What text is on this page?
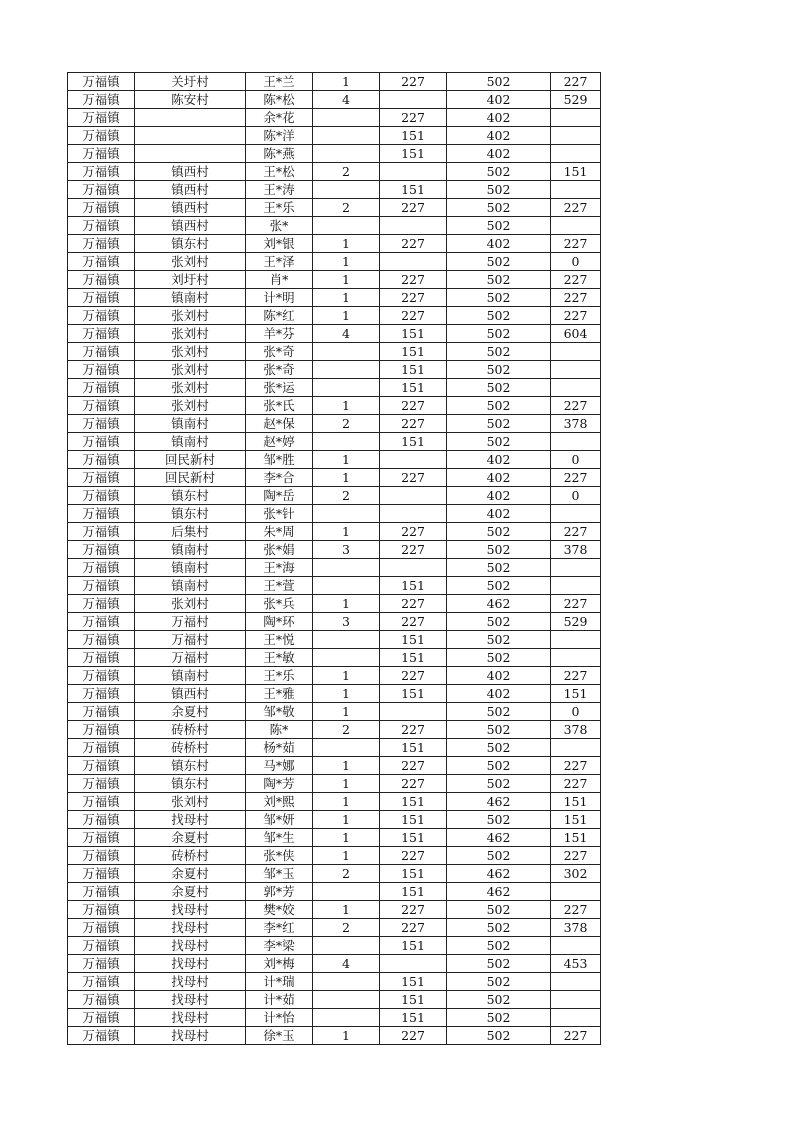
万福镇	关圩村	王*兰	1	227	502	227
万福镇	陈安村	陈*松	4		402	529
万福镇		余*花		227	402	
万福镇		陈*洋		151	402	
万福镇		陈*燕		151	402	
万福镇	镇西村	王*松	2		502	151
万福镇	镇西村	王*涛		151	502	
万福镇	镇西村	王*乐	2	227	502	227
万福镇	镇西村	张*			502	
万福镇	镇东村	刘*银	1	227	402	227
万福镇	张刘村	王*泽	1		502	0
万福镇	刘圩村	肖*	1	227	502	227
万福镇	镇南村	计*明	1	227	502	227
万福镇	张刘村	陈*红	1	227	502	227
万福镇	张刘村	羊*芬	4	151	502	604
万福镇	张刘村	张*奇		151	502	
万福镇	张刘村	张*奇		151	502	
万福镇	张刘村	张*运		151	502	
万福镇	张刘村	张*氏	1	227	502	227
万福镇	镇南村	赵*保	2	227	502	378
万福镇	镇南村	赵*婷		151	502	
万福镇	回民新村	邹*胜	1		402	0
万福镇	回民新村	李*合	1	227	402	227
万福镇	镇东村	陶*岳	2		402	0
万福镇	镇东村	张*针			402	
万福镇	后集村	朱*周	1	227	502	227
万福镇	镇南村	张*娟	3	227	502	378
万福镇	镇南村	王*海			502	
万福镇	镇南村	王*萱		151	502	
万福镇	张刘村	张*兵	1	227	462	227
万福镇	万福村	陶*环	3	227	502	529
万福镇	万福村	王*悦		151	502	
万福镇	万福村	王*敏		151	502	
万福镇	镇南村	王*乐	1	227	402	227
万福镇	镇西村	王*雅	1	151	402	151
万福镇	余夏村	邹*敬	1		502	0
万福镇	砖桥村	陈*	2	227	502	378
万福镇	砖桥村	杨*茹		151	502	
万福镇	镇东村	马*娜	1	227	502	227
万福镇	镇东村	陶*芳	1	227	502	227
万福镇	张刘村	刘*熙	1	151	462	151
万福镇	找母村	邹*妍	1	151	502	151
万福镇	余夏村	邹*生	1	151	462	151
万福镇	砖桥村	张*侠	1	227	502	227
万福镇	余夏村	邹*玉	2	151	462	302
万福镇	余夏村	郭*芳		151	462	
万福镇	找母村	樊*姣	1	227	502	227
万福镇	找母村	李*红	2	227	502	378
万福镇	找母村	李*梁		151	502	
万福镇	找母村	刘*梅	4		502	453
万福镇	找母村	计*瑞		151	502	
万福镇	找母村	计*茹		151	502	
万福镇	找母村	计*怡		151	502	
万福镇	找母村	徐*玉	1	227	502	227
